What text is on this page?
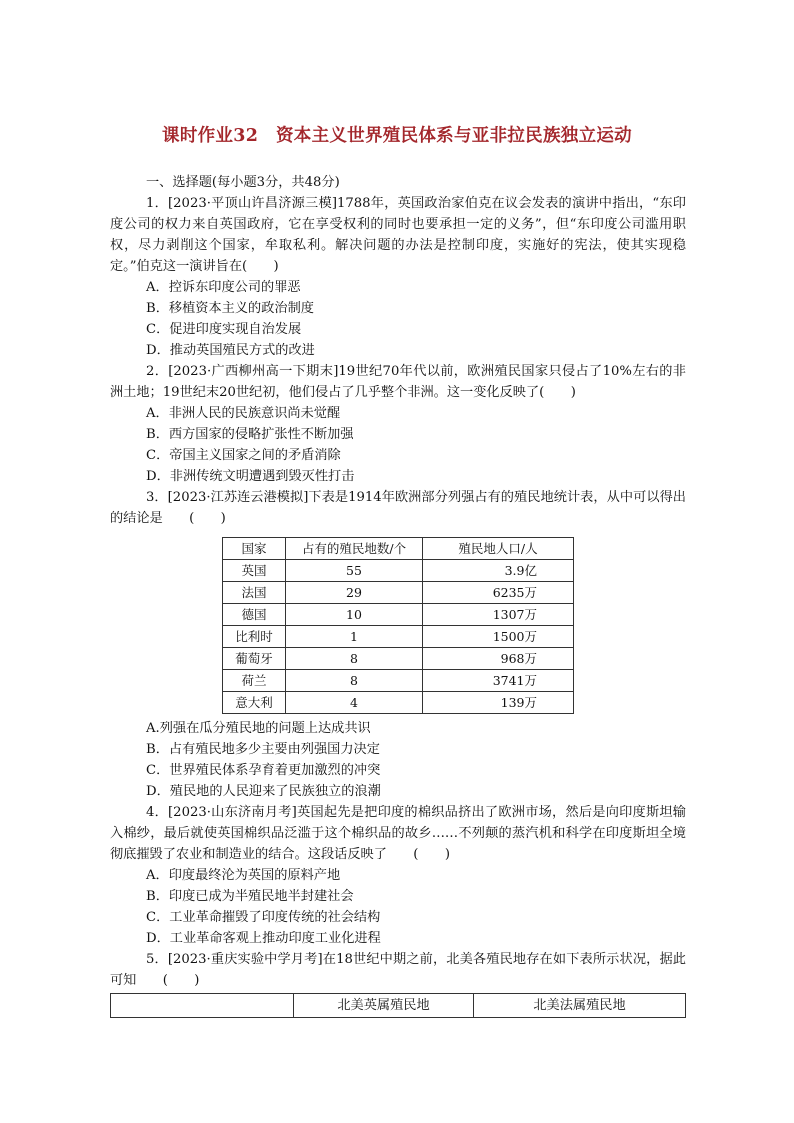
课时作业32　资本主义世界殖民体系与亚非拉民族独立运动

一、选择题(每小题3分，共48分)

1．[2023·平顶山许昌济源三模]1788年，英国政治家伯克在议会发表的演讲中指出，“东印度公司的权力来自英国政府，它在享受权利的同时也要承担一定的义务”，但“东印度公司滥用职权，尽力剥削这个国家，牟取私利。解决问题的办法是控制印度，实施好的宪法，使其实现稳定。”伯克这一演讲旨在(　　)

A．控诉东印度公司的罪恶

B．移植资本主义的政治制度

C．促进印度实现自治发展

D．推动英国殖民方式的改进

2．[2023·广西柳州高一下期末]19世纪70年代以前，欧洲殖民国家只侵占了10%左右的非洲土地；19世纪末20世纪初，他们侵占了几乎整个非洲。这一变化反映了(　　)

A．非洲人民的民族意识尚未觉醒

B．西方国家的侵略扩张性不断加强

C．帝国主义国家之间的矛盾消除

D．非洲传统文明遭遇到毁灭性打击

3．[2023·江苏连云港模拟]下表是1914年欧洲部分列强占有的殖民地统计表，从中可以得出的结论是　　(　　)

国家	占有的殖民地数/个	殖民地人口/人
英国	55	3.9亿
法国	29	6235万
德国	10	1307万
比利时	1	1500万
葡萄牙	8	968万
荷兰	8	3741万
意大利	4	139万

A.列强在瓜分殖民地的问题上达成共识

B．占有殖民地多少主要由列强国力决定

C．世界殖民体系孕育着更加激烈的冲突

D．殖民地的人民迎来了民族独立的浪潮

4．[2023·山东济南月考]英国起先是把印度的棉织品挤出了欧洲市场，然后是向印度斯坦输入棉纱，最后就使英国棉织品泛滥于这个棉织品的故乡……不列颠的蒸汽机和科学在印度斯坦全境彻底摧毁了农业和制造业的结合。这段话反映了　　(　　)

A．印度最终沦为英国的原料产地

B．印度已成为半殖民地半封建社会

C．工业革命摧毁了印度传统的社会结构

D．工业革命客观上推动印度工业化进程

5．[2023·重庆实验中学月考]在18世纪中期之前，北美各殖民地存在如下表所示状况，据此可知　　(　　)

	北美英属殖民地	北美法属殖民地
